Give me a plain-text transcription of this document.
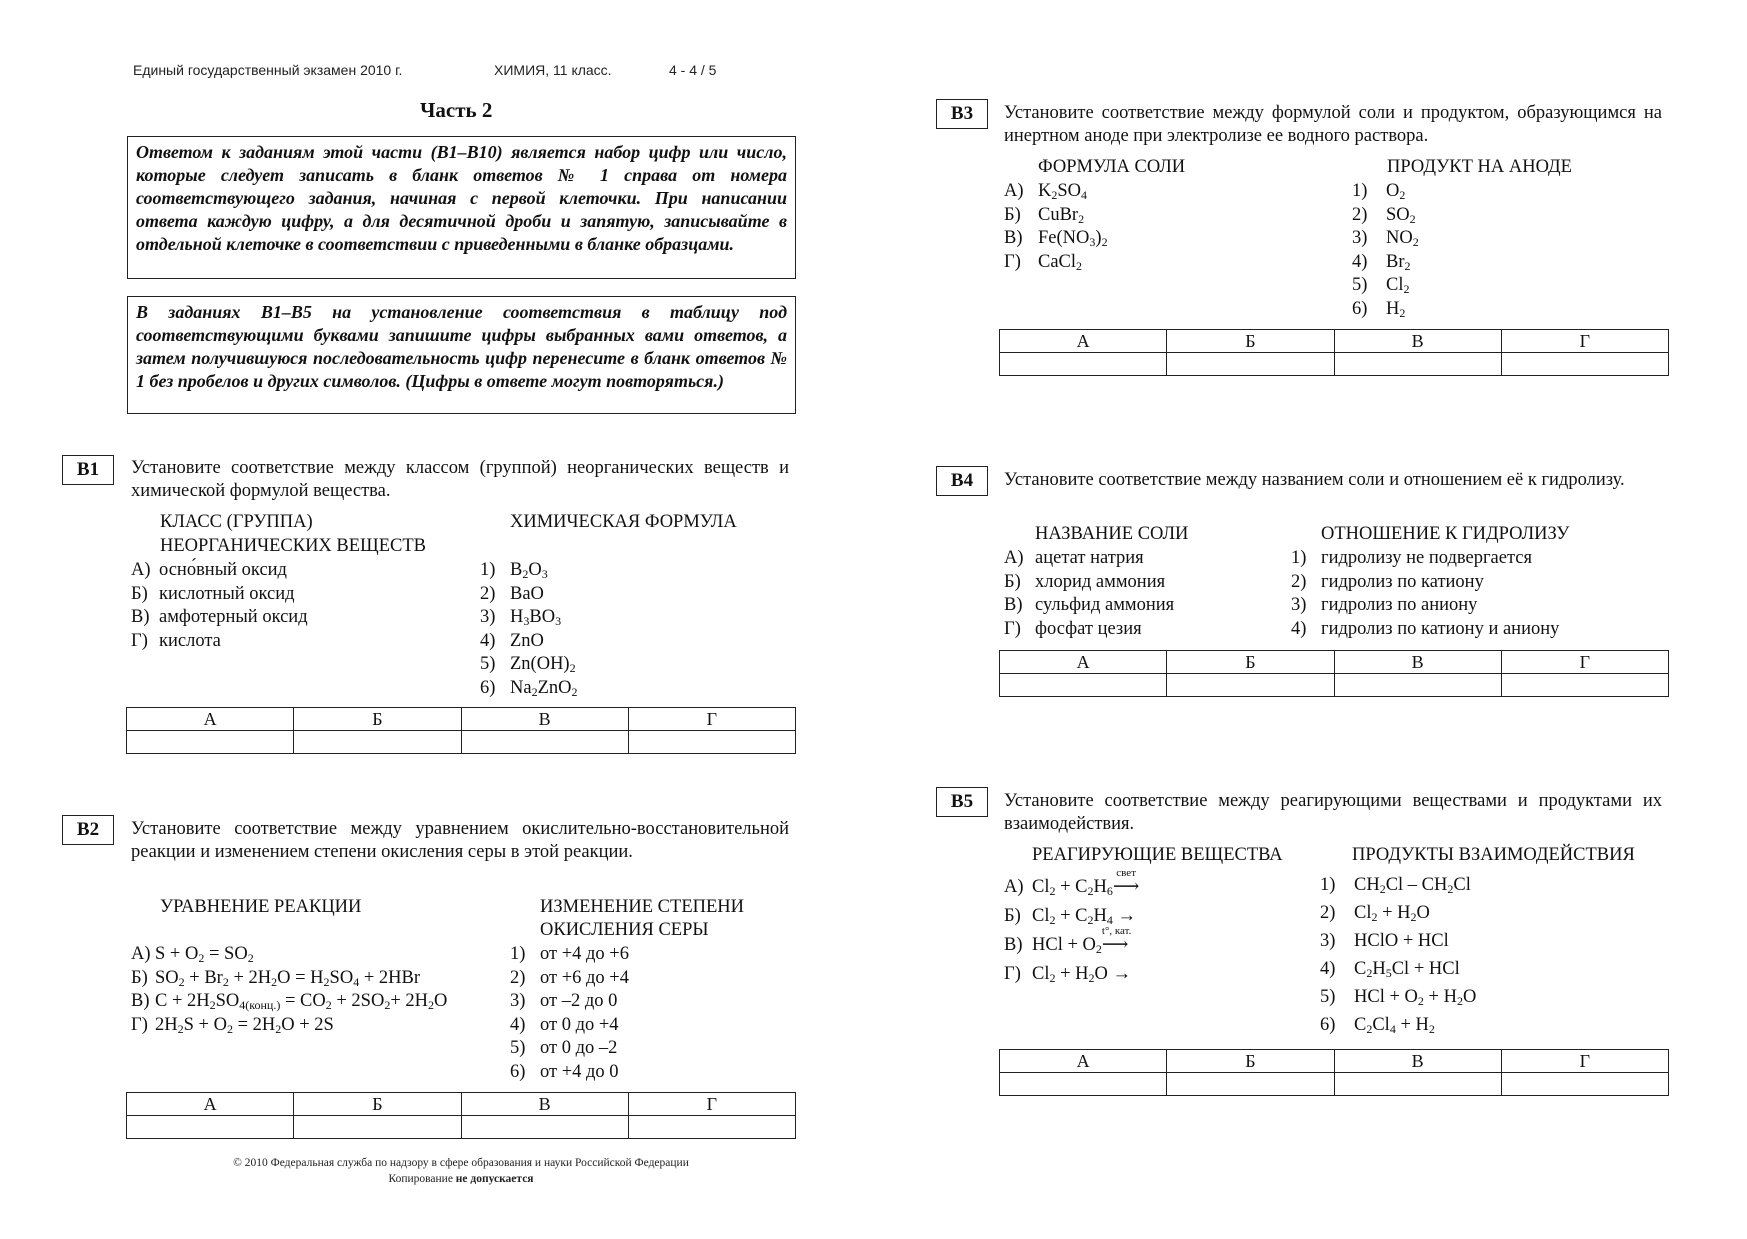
Единый государственный экзамен 2010 г.	ХИМИЯ, 11 класс.	4 - 4 / 5
Часть 2
Ответом к заданиям этой части (В1–В10) является набор цифр или число, которые следует записать в бланк ответов № 1 справа от номера соответствующего задания, начиная с первой клеточки. При написании ответа каждую цифру, а для десятичной дроби и запятую, записывайте в отдельной клеточке в соответствии с приведенными в бланке образцами.
В заданиях В1–В5 на установление соответствия в таблицу под соответствующими буквами запишите цифры выбранных вами ответов, а затем получившуюся последовательность цифр перенесите в бланк ответов № 1 без пробелов и других символов. (Цифры в ответе могут повторяться.)
В1	Установите соответствие между классом (группой) неорганических веществ и химической формулой вещества.
КЛАСС (ГРУППА)
НЕОРГАНИЧЕСКИХ ВЕЩЕСТВ
ХИМИЧЕСКАЯ ФОРМУЛА
А) осно́вный оксид
Б) кислотный оксид
В) амфотерный оксид
Г) кислота
1) $B_2O_3$
2) BaO
3) $H_3BO_3$
4) ZnO
5) $Zn(OH)_2$
6) $Na_2ZnO_2$
А	Б	В	Г

В2	Установите соответствие между уравнением окислительно-восстановительной реакции и изменением степени окисления серы в этой реакции.
УРАВНЕНИЕ РЕАКЦИИ	ИЗМЕНЕНИЕ СТЕПЕНИ
ОКИСЛЕНИЯ СЕРЫ
А) $S + O_2 = SO_2$
Б) $SO_2 + Br_2 + 2H_2O = H_2SO_4 + 2HBr$
В) $C + 2H_2SO_{4(конц.)} = CO_2 + 2SO_2+ 2H_2O$
Г) $2H_2S + O_2 = 2H_2O + 2S$
1) от +4 до +6
2) от +6 до +4
3) от –2 до 0
4) от 0 до +4
5) от 0 до –2
6) от +4 до 0
А	Б	В	Г

© 2010 Федеральная служба по надзору в сфере образования и науки Российской Федерации
Копирование не допускается
В3	Установите соответствие между формулой соли и продуктом, образующимся на инертном аноде при электролизе ее водного раствора.
ФОРМУЛА СОЛИ	ПРОДУКТ НА АНОДЕ
А) $K_2SO_4$
Б) CuBr$_2$
В) $Fe(NO_3)_2$
Г) CaCl$_2$
1) $O_2$
2) $SO_2$
3) $NO_2$
4) $Br_2$
5) $Cl_2$
6) $H_2$
А	Б	В	Г

В4	Установите соответствие между названием соли и отношением её к гидролизу.
НАЗВАНИЕ СОЛИ	ОТНОШЕНИЕ К ГИДРОЛИЗУ
А) ацетат натрия
Б) хлорид аммония
В) сульфид аммония
Г) фосфат цезия
1) гидролизу не подвергается
2) гидролиз по катиону
3) гидролиз по аниону
4) гидролиз по катиону и аниону
А	Б	В	Г

В5	Установите соответствие между реагирующими веществами и продуктами их взаимодействия.
РЕАГИРУЮЩИЕ ВЕЩЕСТВА	ПРОДУКТЫ ВЗАИМОДЕЙСТВИЯ
А) $Cl_2 + C_2H_6$
свет
⟶
Б) $Cl_2 + C_2H_4$ →
В) HCl + $O_2$
t°, кат.
⟶
Г) $Cl_2 + H_2O$ →
1) $CH_2Cl - CH_2Cl$
2) $Cl_2 + H_2O$
3) HClO + HCl
4) $C_2H_5Cl$ + HCl
5) HCl + $O_2 + H_2O$
6) $C_2Cl_4 + H_2$
А	Б	В	Г
